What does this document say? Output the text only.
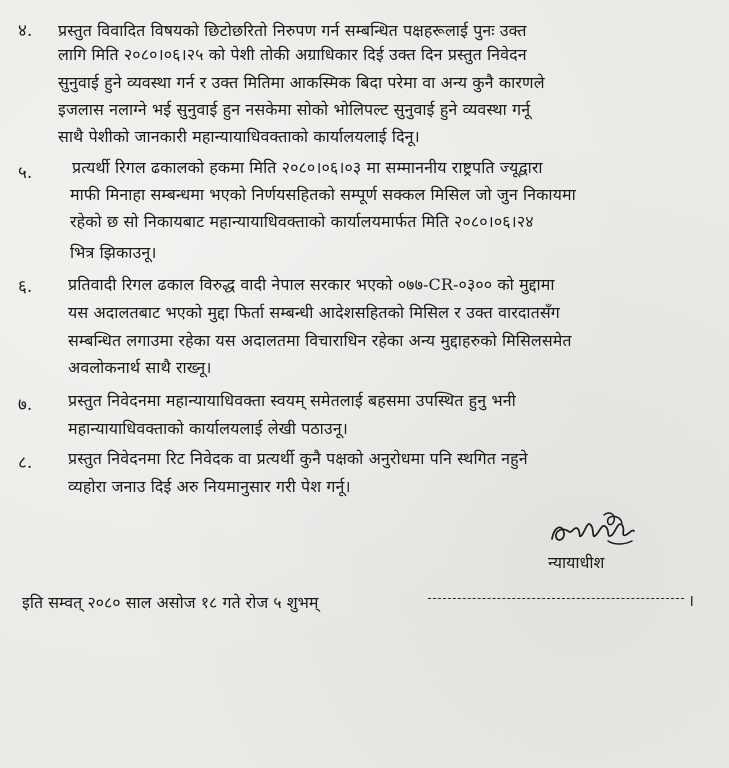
४. प्रस्तुत विवादित विषयको छिटोछरितो निरुपण गर्न सम्बन्धित पक्षहरूलाई पुनः उक्त
लागि मिति २०८०।०६।२५ को पेशी तोकी अग्राधिकार दिई उक्त दिन प्रस्तुत निवेदन
सुनुवाई हुने व्यवस्था गर्न र उक्त मितिमा आकस्मिक बिदा परेमा वा अन्य कुनै कारणले
इजलास नलाग्ने भई सुनुवाई हुन नसकेमा सोको भोलिपल्ट सुनुवाई हुने व्यवस्था गर्नू
साथै पेशीको जानकारी महान्यायाधिवक्ताको कार्यालयलाई दिनू।
५. प्रत्यर्थी रिगल ढकालको हकमा मिति २०८०।०६।०३ मा सम्माननीय राष्ट्रपति ज्यूद्वारा
माफी मिनाहा सम्बन्धमा भएको निर्णयसहितको सम्पूर्ण सक्कल मिसिल जो जुन निकायमा
रहेको छ सो निकायबाट महान्यायाधिवक्ताको कार्यालयमार्फत मिति २०८०।०६।२४
भित्र झिकाउनू।
६. प्रतिवादी रिगल ढकाल विरुद्ध वादी नेपाल सरकार भएको ०७७-CR-०३०० को मुद्दामा
यस अदालतबाट भएको मुद्दा फिर्ता सम्बन्धी आदेशसहितको मिसिल र उक्त वारदातसँग
सम्बन्धित लगाउमा रहेका यस अदालतमा विचाराधिन रहेका अन्य मुद्दाहरुको मिसिलसमेत
अवलोकनार्थ साथै राख्नू।
७. प्रस्तुत निवेदनमा महान्यायाधिवक्ता स्वयम् समेतलाई बहसमा उपस्थित हुनु भनी
महान्यायाधिवक्ताको कार्यालयलाई लेखी पठाउनू।
८. प्रस्तुत निवेदनमा रिट निवेदक वा प्रत्यर्थी कुनै पक्षको अनुरोधमा पनि स्थगित नहुने
व्यहोरा जनाउ दिई अरु नियमानुसार गरी पेश गर्नू।
न्यायाधीश
इति सम्वत् २०८० साल असोज १८ गते रोज ५ शुभम्	।
